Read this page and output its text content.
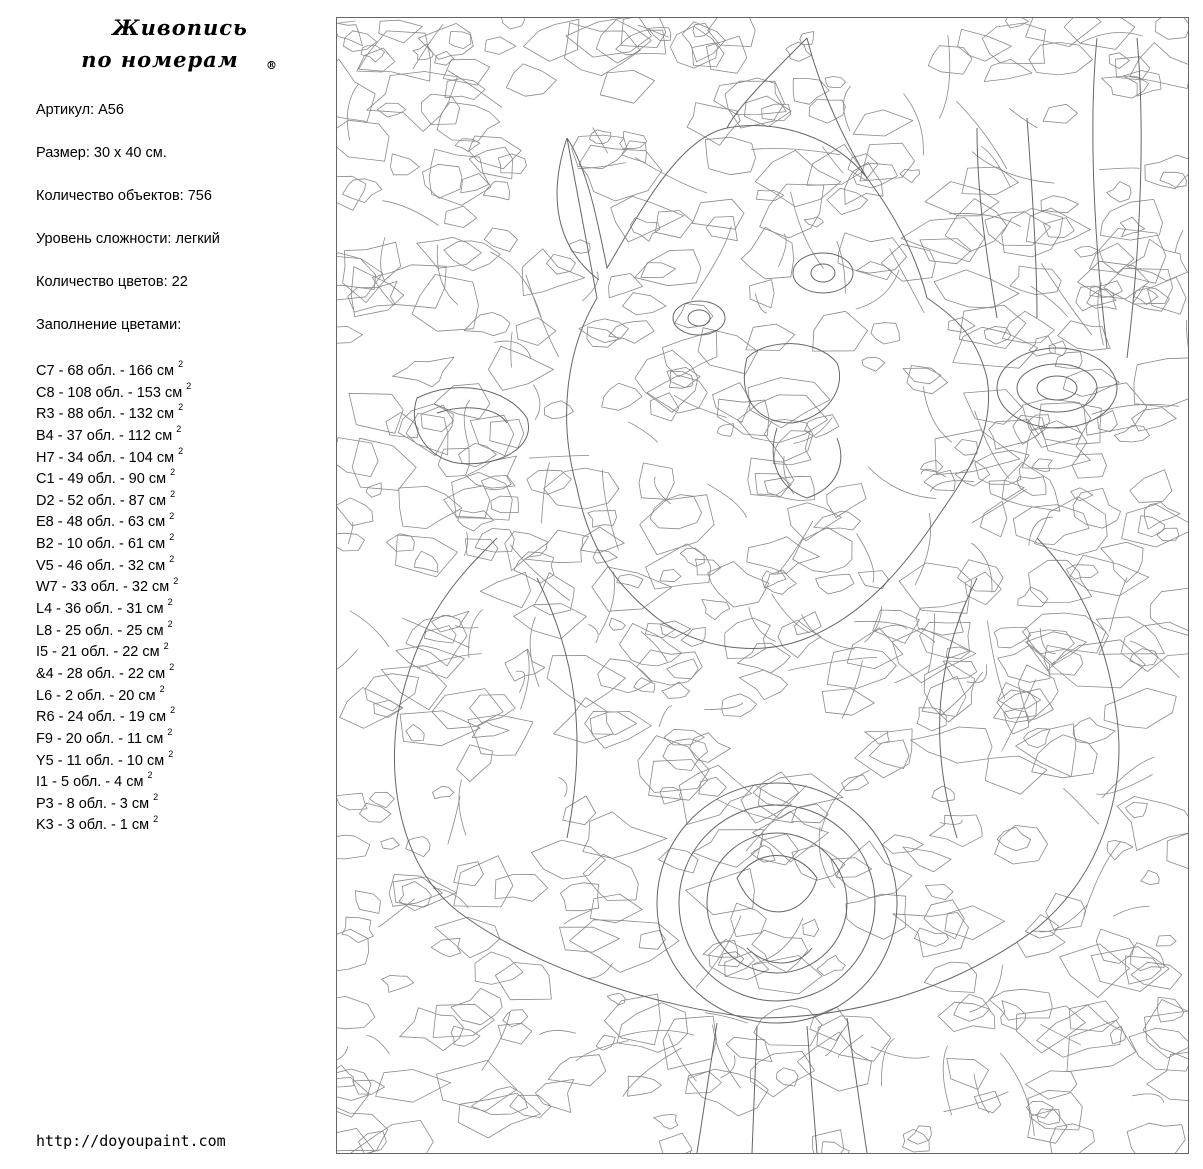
Живопись
по номерам ®
Артикул: A56
Размер: 30 х 40 см.
Количество объектов: 756
Уровень сложности: легкий
Количество цветов: 22
Заполнение цветами:
C7 - 68 обл. - 166 см $^2$
C8 - 108 обл. - 153 см $^2$
R3 - 88 обл. - 132 см $^2$
B4 - 37 обл. - 112 см $^2$
H7 - 34 обл. - 104 см $^2$
C1 - 49 обл. - 90 см $^2$
D2 - 52 обл. - 87 см $^2$
E8 - 48 обл. - 63 см $^2$
B2 - 10 обл. - 61 см $^2$
V5 - 46 обл. - 32 см $^2$
W7 - 33 обл. - 32 см $^2$
L4 - 36 обл. - 31 см $^2$
L8 - 25 обл. - 25 см $^2$
I5 - 21 обл. - 22 см $^2$
&4 - 28 обл. - 22 см $^2$
L6 - 2 обл. - 20 см $^2$
R6 - 24 обл. - 19 см $^2$
F9 - 20 обл. - 11 см $^2$
Y5 - 11 обл. - 10 см $^2$
I1 - 5 обл. - 4 см $^2$
P3 - 8 обл. - 3 см $^2$
K3 - 3 обл. - 1 см $^2$
http://doyoupaint.com
